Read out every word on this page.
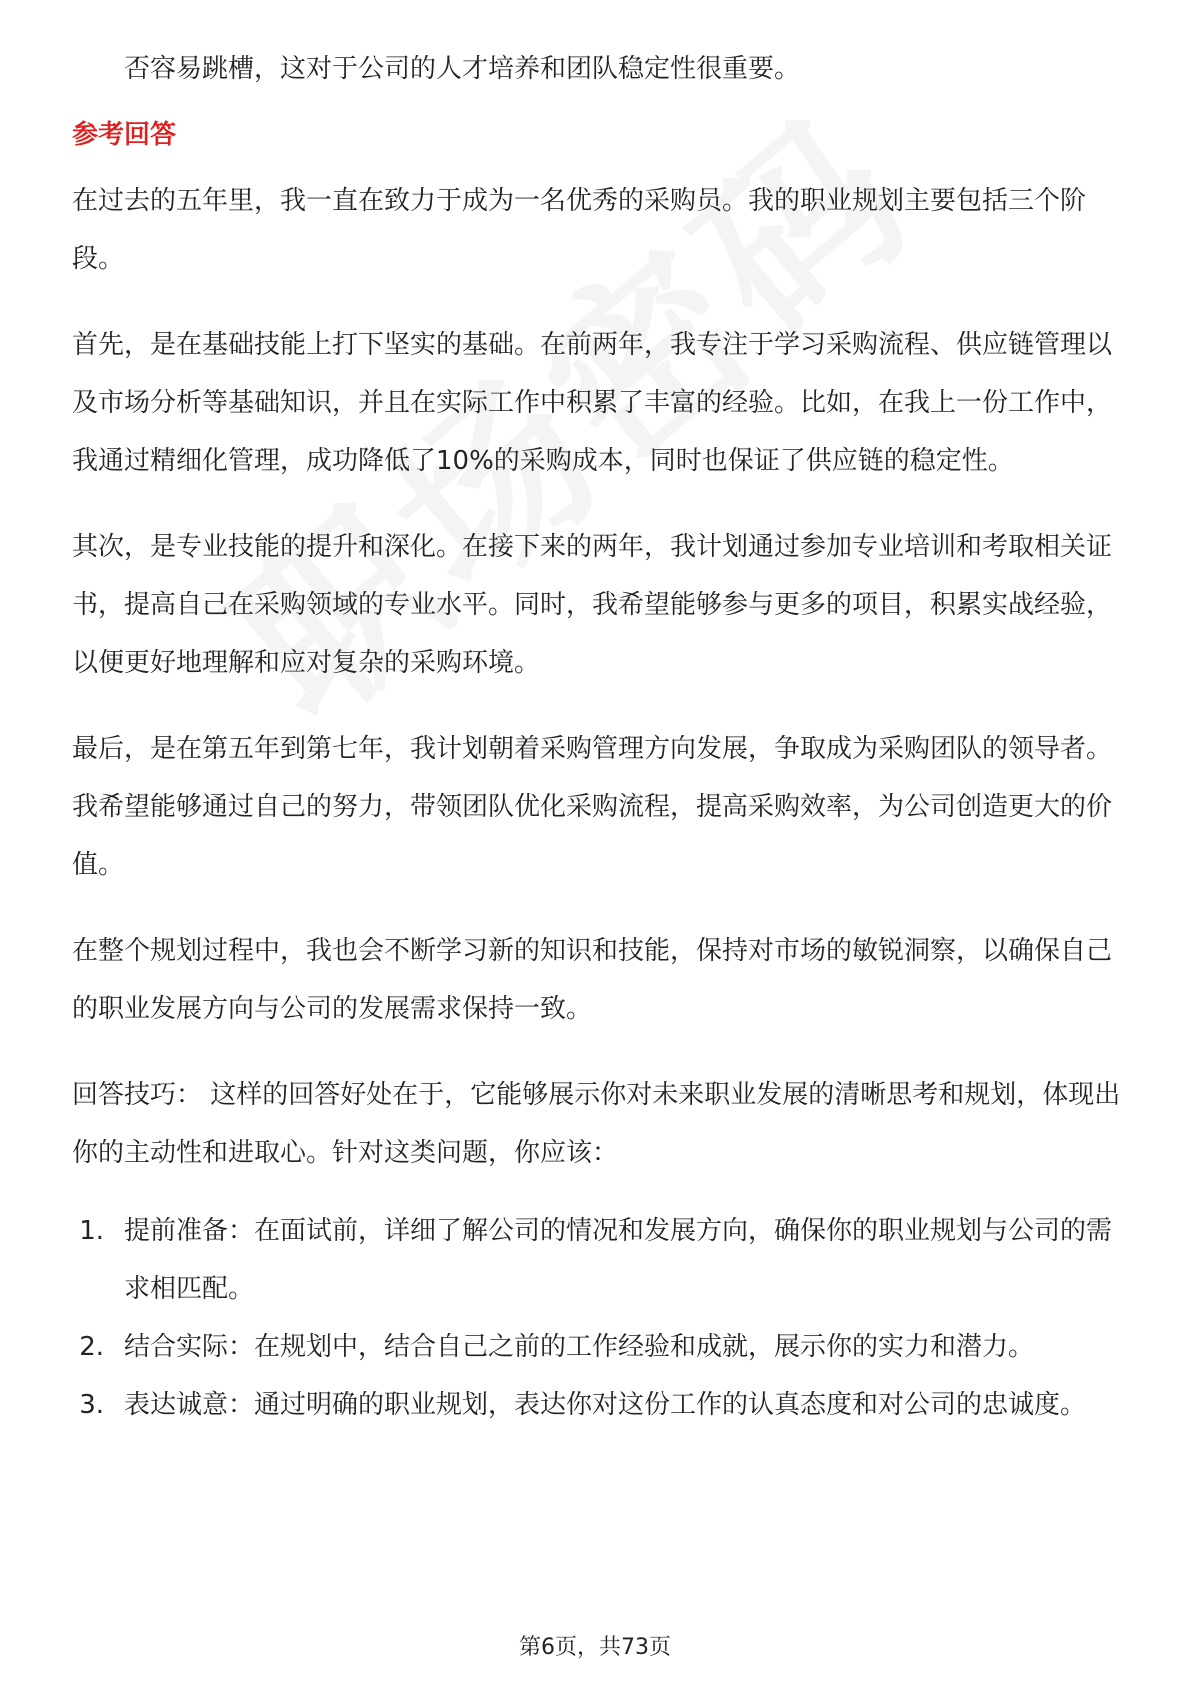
否容易跳槽，这对于公司的人才培养和团队稳定性很重要。

参考回答

在过去的五年里，我一直在致力于成为一名优秀的采购员。我的职业规划主要包括三个阶段。

首先，是在基础技能上打下坚实的基础。在前两年，我专注于学习采购流程、供应链管理以及市场分析等基础知识，并且在实际工作中积累了丰富的经验。比如，在我上一份工作中，我通过精细化管理，成功降低了10%的采购成本，同时也保证了供应链的稳定性。

其次，是专业技能的提升和深化。在接下来的两年，我计划通过参加专业培训和考取相关证书，提高自己在采购领域的专业水平。同时，我希望能够参与更多的项目，积累实战经验，以便更好地理解和应对复杂的采购环境。

最后，是在第五年到第七年，我计划朝着采购管理方向发展，争取成为采购团队的领导者。我希望能够通过自己的努力，带领团队优化采购流程，提高采购效率，为公司创造更大的价值。

在整个规划过程中，我也会不断学习新的知识和技能，保持对市场的敏锐洞察，以确保自己的职业发展方向与公司的发展需求保持一致。

回答技巧： 这样的回答好处在于，它能够展示你对未来职业发展的清晰思考和规划，体现出你的主动性和进取心。针对这类问题，你应该：

1. 提前准备：在面试前，详细了解公司的情况和发展方向，确保你的职业规划与公司的需求相匹配。
2. 结合实际：在规划中，结合自己之前的工作经验和成就，展示你的实力和潜力。
3. 表达诚意：通过明确的职业规划，表达你对这份工作的认真态度和对公司的忠诚度。
第6页，共73页
